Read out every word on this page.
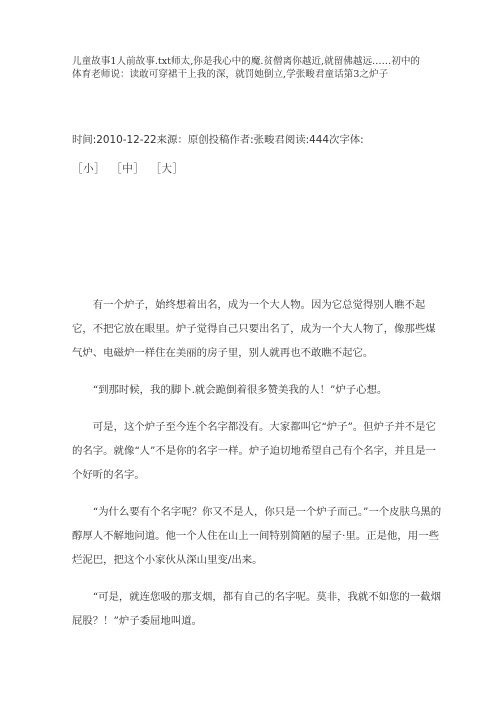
儿童故事1人前故事.txt师太,你是我心中的魔.贫僧离你越近,就留佛越远……初中的
体育老师说：读敢可穿裙干上我的深，就罚她倒立,学张畯君童话第3之炉子
时间:2010-12-22来源：原创投稿作者:张畯君阅读:444次字体:
［小］ ［中］ ［大］

有一个炉子，始终想着出名，成为一个大人物。因为它总觉得别人瞧不起它，不把它放在眼里。炉子觉得自己只要出名了，成为一个大人物了，像那些煤气炉、电磁炉一样住在美丽的房子里，别人就再也不敢瞧不起它。

“到那时候，我的脚卜.就会跪倒着很多赞美我的人！”炉子心想。

可是，这个炉子至今连个名字都没有。大家都叫它“炉子”。但炉子并不是它的名字。就像“人”不是你的名字一样。炉子迫切地希望自己有个名字，并且是一个好听的名字。

“为什么要有个名字呢？你又不是人，你只是一个炉子而己。”一个皮肤乌黑的醇厚人不解地问道。他一个人住在山上一间特别简陋的屋子·里。正是他，用一些烂泥巴，把这个小家伙从深山里变/出来。

“可是，就连您吸的那支烟，都有自己的名字呢。莫非，我就不如您的一截烟屁股？！”炉子委屈地叫道。
